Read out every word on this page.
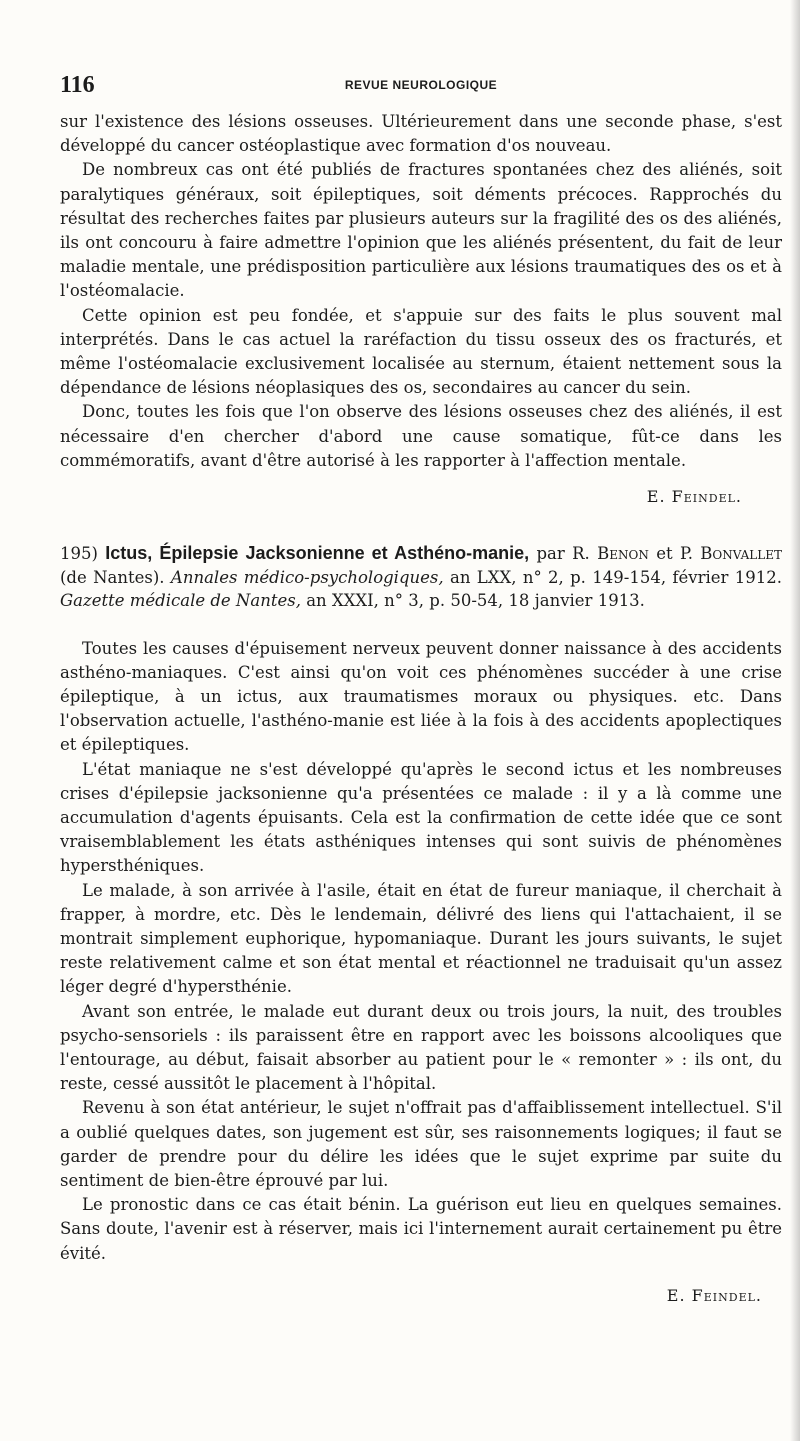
116	REVUE NEUROLOGIQUE

sur l'existence des lésions osseuses. Ultérieurement dans une seconde phase, s'est développé du cancer ostéoplastique avec formation d'os nouveau.

De nombreux cas ont été publiés de fractures spontanées chez des aliénés, soit paralytiques généraux, soit épileptiques, soit déments précoces. Rapprochés du résultat des recherches faites par plusieurs auteurs sur la fragilité des os des aliénés, ils ont concouru à faire admettre l'opinion que les aliénés présentent, du fait de leur maladie mentale, une prédisposition particulière aux lésions traumatiques des os et à l'ostéomalacie.

Cette opinion est peu fondée, et s'appuie sur des faits le plus souvent mal interprétés. Dans le cas actuel la raréfaction du tissu osseux des os fracturés, et même l'ostéomalacie exclusivement localisée au sternum, étaient nettement sous la dépendance de lésions néoplasiques des os, secondaires au cancer du sein.

Donc, toutes les fois que l'on observe des lésions osseuses chez des aliénés, il est nécessaire d'en chercher d'abord une cause somatique, fût-ce dans les commémoratifs, avant d'être autorisé à les rapporter à l'affection mentale.

E. Feindel.
195) Ictus, Épilepsie Jacksonienne et Asthéno-manie, par R. Benon et P. Bonvallet (de Nantes). Annales médico-psychologiques, an LXX, n° 2, p. 149-154, février 1912. Gazette médicale de Nantes, an XXXI, n° 3, p. 50-54, 18 janvier 1913.

Toutes les causes d'épuisement nerveux peuvent donner naissance à des accidents asthéno-maniaques. C'est ainsi qu'on voit ces phénomènes succéder à une crise épileptique, à un ictus, aux traumatismes moraux ou physiques. etc. Dans l'observation actuelle, l'asthéno-manie est liée à la fois à des accidents apoplectiques et épileptiques.

L'état maniaque ne s'est développé qu'après le second ictus et les nombreuses crises d'épilepsie jacksonienne qu'a présentées ce malade : il y a là comme une accumulation d'agents épuisants. Cela est la confirmation de cette idée que ce sont vraisemblablement les états asthéniques intenses qui sont suivis de phénomènes hypersthéniques.

Le malade, à son arrivée à l'asile, était en état de fureur maniaque, il cherchait à frapper, à mordre, etc. Dès le lendemain, délivré des liens qui l'attachaient, il se montrait simplement euphorique, hypomaniaque. Durant les jours suivants, le sujet reste relativement calme et son état mental et réactionnel ne traduisait qu'un assez léger degré d'hypersthénie.

Avant son entrée, le malade eut durant deux ou trois jours, la nuit, des troubles psycho-sensoriels : ils paraissent être en rapport avec les boissons alcooliques que l'entourage, au début, faisait absorber au patient pour le « remonter » : ils ont, du reste, cessé aussitôt le placement à l'hôpital.

Revenu à son état antérieur, le sujet n'offrait pas d'affaiblissement intellectuel. S'il a oublié quelques dates, son jugement est sûr, ses raisonnements logiques; il faut se garder de prendre pour du délire les idées que le sujet exprime par suite du sentiment de bien-être éprouvé par lui.

Le pronostic dans ce cas était bénin. La guérison eut lieu en quelques semaines. Sans doute, l'avenir est à réserver, mais ici l'internement aurait certainement pu être évité.

E. Feindel.
